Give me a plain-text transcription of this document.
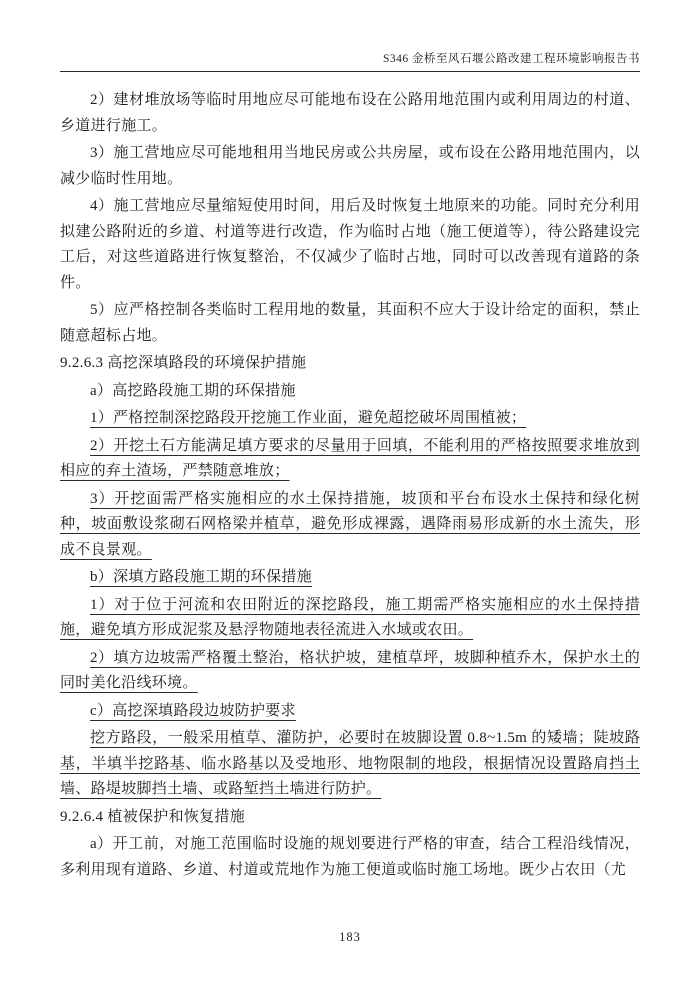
S346 金桥至风石堰公路改建工程环境影响报告书

2）建材堆放场等临时用地应尽可能地布设在公路用地范围内或利用周边的村道、乡道进行施工。

3）施工营地应尽可能地租用当地民房或公共房屋，或布设在公路用地范围内，以减少临时性用地。

4）施工营地应尽量缩短使用时间，用后及时恢复土地原来的功能。同时充分利用拟建公路附近的乡道、村道等进行改造，作为临时占地（施工便道等），待公路建设完工后，对这些道路进行恢复整治，不仅减少了临时占地，同时可以改善现有道路的条件。

5）应严格控制各类临时工程用地的数量，其面积不应大于设计给定的面积，禁止随意超标占地。

9.2.6.3 高挖深填路段的环境保护措施

a）高挖路段施工期的环保措施

1）严格控制深挖路段开挖施工作业面，避免超挖破坏周围植被；

2）开挖土石方能满足填方要求的尽量用于回填，不能利用的严格按照要求堆放到相应的弃土渣场，严禁随意堆放；

3）开挖面需严格实施相应的水土保持措施，坡顶和平台布设水土保持和绿化树种，坡面敷设浆砌石网格梁并植草，避免形成裸露，遇降雨易形成新的水土流失，形成不良景观。

b）深填方路段施工期的环保措施

1）对于位于河流和农田附近的深挖路段，施工期需严格实施相应的水土保持措施，避免填方形成泥浆及悬浮物随地表径流进入水域或农田。

2）填方边坡需严格覆土整治，格状护坡，建植草坪，坡脚种植乔木，保护水土的同时美化沿线环境。

c）高挖深填路段边坡防护要求

挖方路段，一般采用植草、灌防护，必要时在坡脚设置 0.8~1.5m 的矮墙；陡坡路基，半填半挖路基、临水路基以及受地形、地物限制的地段，根据情况设置路肩挡土墙、路堤坡脚挡土墙、或路堑挡土墙进行防护。

9.2.6.4 植被保护和恢复措施

a）开工前，对施工范围临时设施的规划要进行严格的审查，结合工程沿线情况，多利用现有道路、乡道、村道或荒地作为施工便道或临时施工场地。既少占农田（尤

183
